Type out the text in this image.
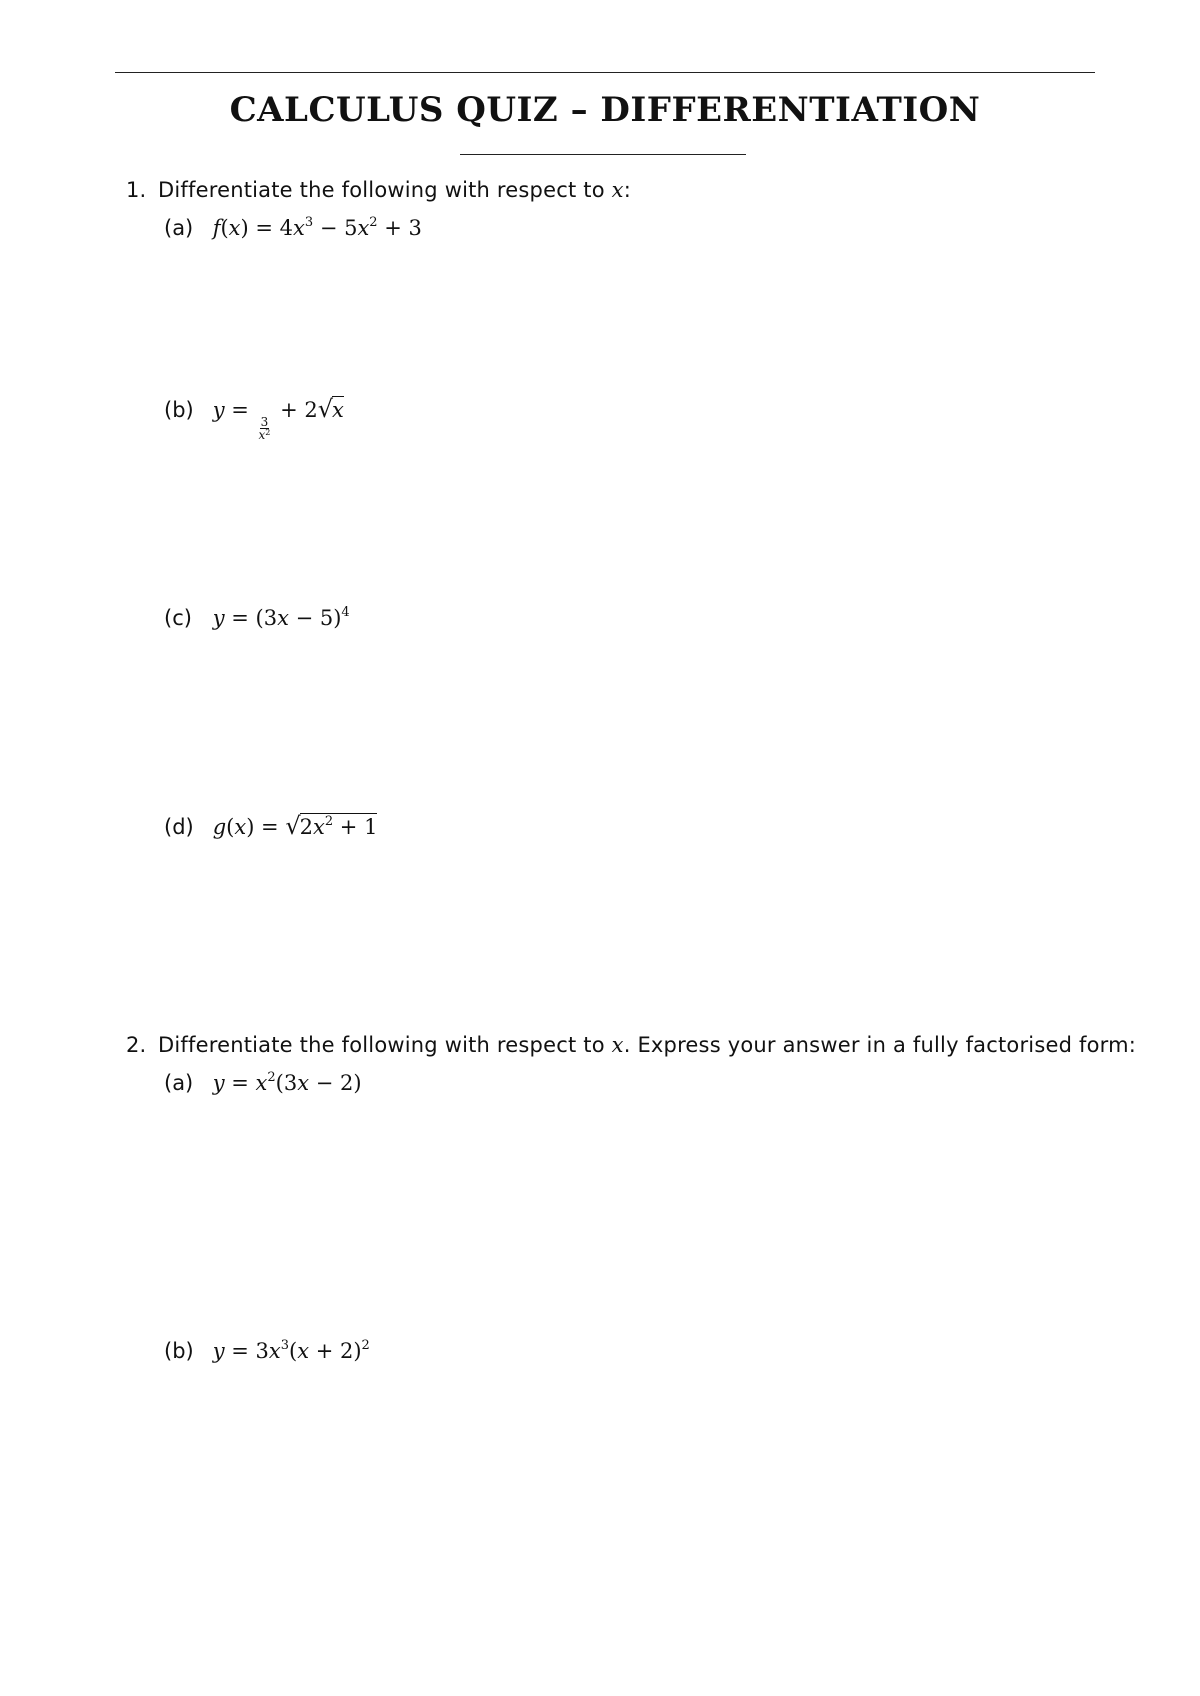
CALCULUS QUIZ – DIFFERENTIATION
1. Differentiate the following with respect to x:
(a) $f(x) = 4x^3 - 5x^2 + 3$
(b) y =
$\frac{3}{x^2}$
+ 2√x
(c) $y = (3x - 5)^4$
(d) $g(x) = √2x^2 + 1$
2. Differentiate the following with respect to x. Express your answer in a fully factorised form:
(a) $y = x^2(3x - 2)$
(b) $y = 3x^3(x + 2)^2$
